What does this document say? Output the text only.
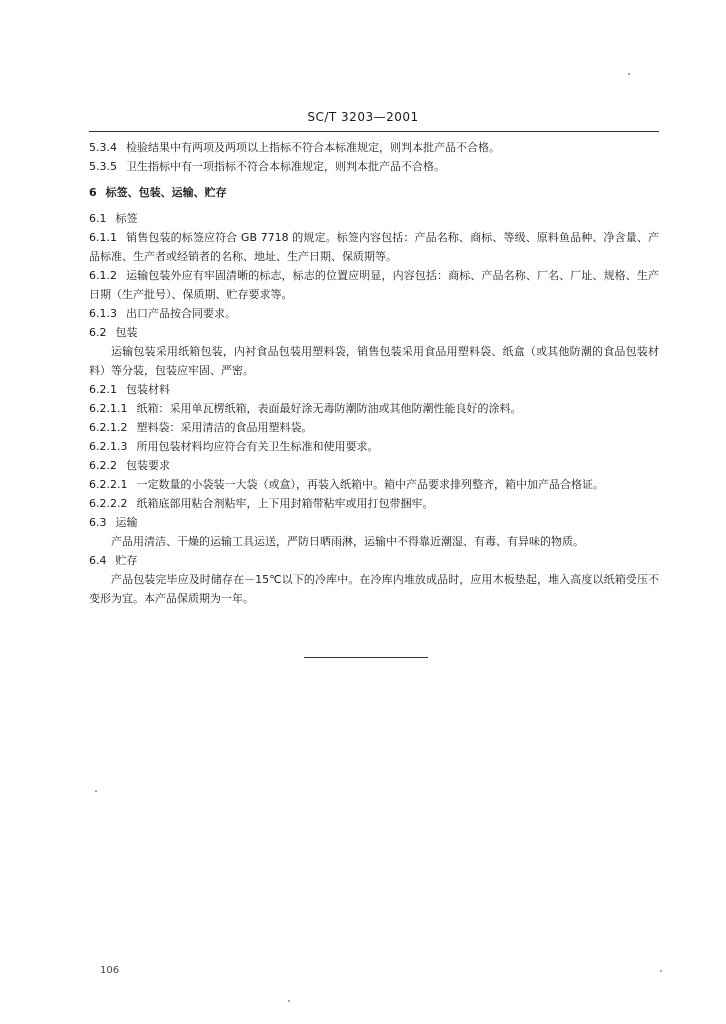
SC/T 3203—2001
5.3.4 检验结果中有两项及两项以上指标不符合本标准规定，则判本批产品不合格。
5.3.5 卫生指标中有一项指标不符合本标准规定，则判本批产品不合格。
6 标签、包装、运输、贮存
6.1 标签
6.1.1 销售包装的标签应符合 GB 7718 的规定。标签内容包括：产品名称、商标、等级、原料鱼品种、净含量、产品标准、生产者或经销者的名称、地址、生产日期、保质期等。
6.1.2 运输包装外应有牢固清晰的标志，标志的位置应明显，内容包括：商标、产品名称、厂名、厂址、规格、生产日期（生产批号）、保质期、贮存要求等。
6.1.3 出口产品按合同要求。
6.2 包装
运输包装采用纸箱包装，内衬食品包装用塑料袋，销售包装采用食品用塑料袋、纸盒（或其他防潮的食品包装材料）等分装，包装应牢固、严密。
6.2.1 包装材料
6.2.1.1 纸箱：采用单瓦楞纸箱，表面最好涂无毒防潮防油或其他防潮性能良好的涂料。
6.2.1.2 塑料袋：采用清洁的食品用塑料袋。
6.2.1.3 所用包装材料均应符合有关卫生标准和使用要求。
6.2.2 包装要求
6.2.2.1 一定数量的小袋装一大袋（或盒），再装入纸箱中。箱中产品要求排列整齐，箱中加产品合格证。
6.2.2.2 纸箱底部用粘合剂粘牢，上下用封箱带粘牢或用打包带捆牢。
6.3 运输
产品用清洁、干燥的运输工具运送，严防日晒雨淋，运输中不得靠近潮湿、有毒、有异味的物质。
6.4 贮存
产品包装完毕应及时储存在－15℃以下的冷库中。在冷库内堆放成品时，应用木板垫起，堆入高度以纸箱受压不变形为宜。本产品保质期为一年。
106
